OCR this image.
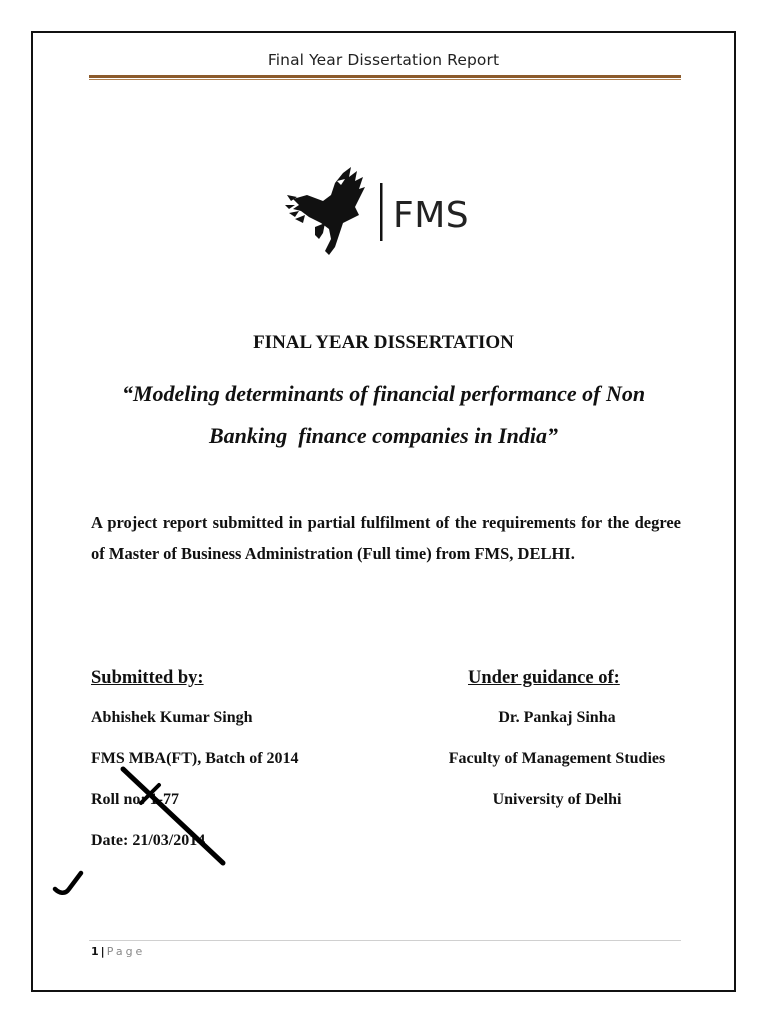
Final Year Dissertation Report
FMS
FINAL YEAR DISSERTATION
“Modeling determinants of financial performance of Non
Banking  finance companies in India”
A project report submitted in partial fulfilment of the requirements for the degree of Master of Business Administration (Full time) from FMS, DELHI.
Submitted by:
Abhishek Kumar Singh
FMS MBA(FT), Batch of 2014
Roll no: 1-77
Date: 21/03/2014
Under guidance of:
Dr. Pankaj Sinha
Faculty of Management Studies
University of Delhi
1 | Page
